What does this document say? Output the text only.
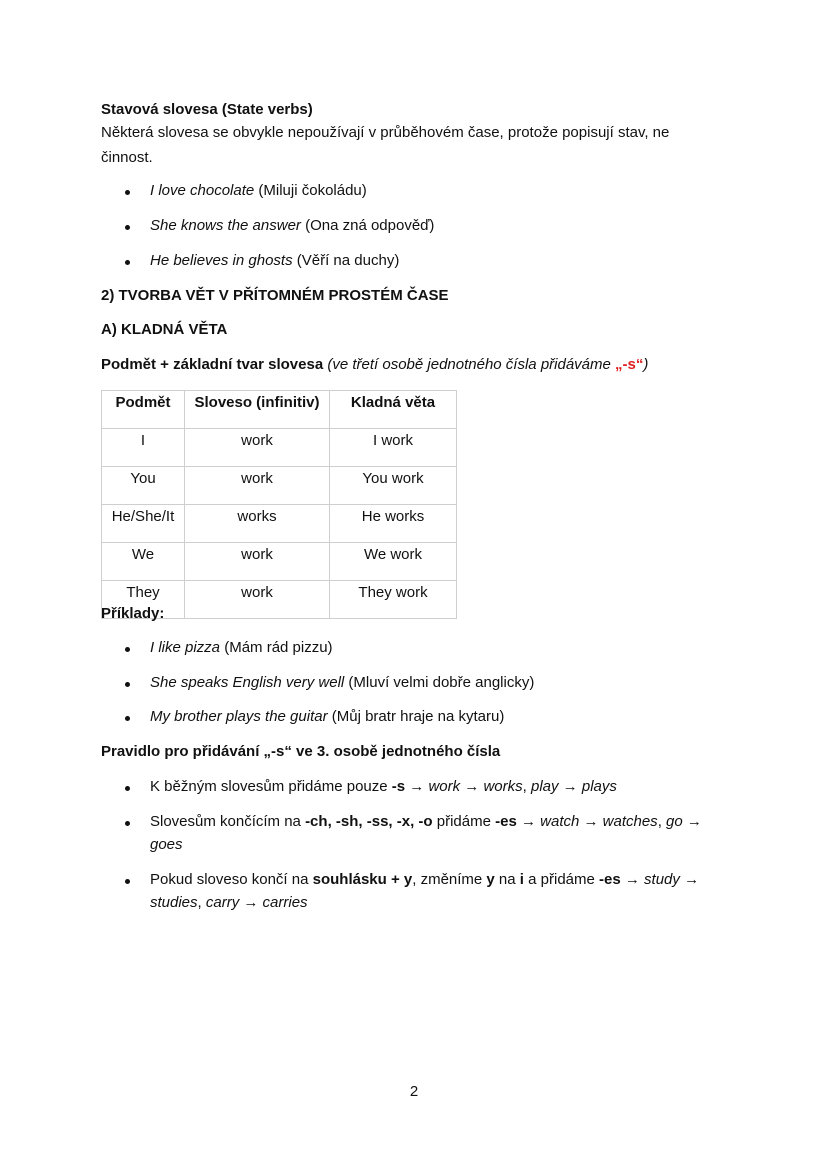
Stavová slovesa (State verbs)
Některá slovesa se obvykle nepoužívají v průběhovém čase, protože popisují stav, ne
činnost.
I love chocolate (Miluji čokoládu)
She knows the answer (Ona zná odpověď)
He believes in ghosts (Věří na duchy)
2) TVORBA VĚT V PŘÍTOMNÉM PROSTÉM ČASE
A) KLADNÁ VĚTA
Podmět + základní tvar slovesa (ve třetí osobě jednotného čísla přidáváme „-s“)
Podmět	Sloveso (infinitiv)	Kladná věta
I	work	I work
You	work	You work
He/She/It	works	He works
We	work	We work
They	work	They work
Příklady:
I like pizza (Mám rád pizzu)
She speaks English very well (Mluví velmi dobře anglicky)
My brother plays the guitar (Můj bratr hraje na kytaru)
Pravidlo pro přidávání „-s“ ve 3. osobě jednotného čísla
K běžným slovesům přidáme pouze -s → work → works, play → plays
Slovesům končícím na -ch, -sh, -ss, -x, -o přidáme -es → watch → watches, go →
goes
Pokud sloveso končí na souhlásku + y, změníme y na i a přidáme -es → study →
studies, carry → carries
2
